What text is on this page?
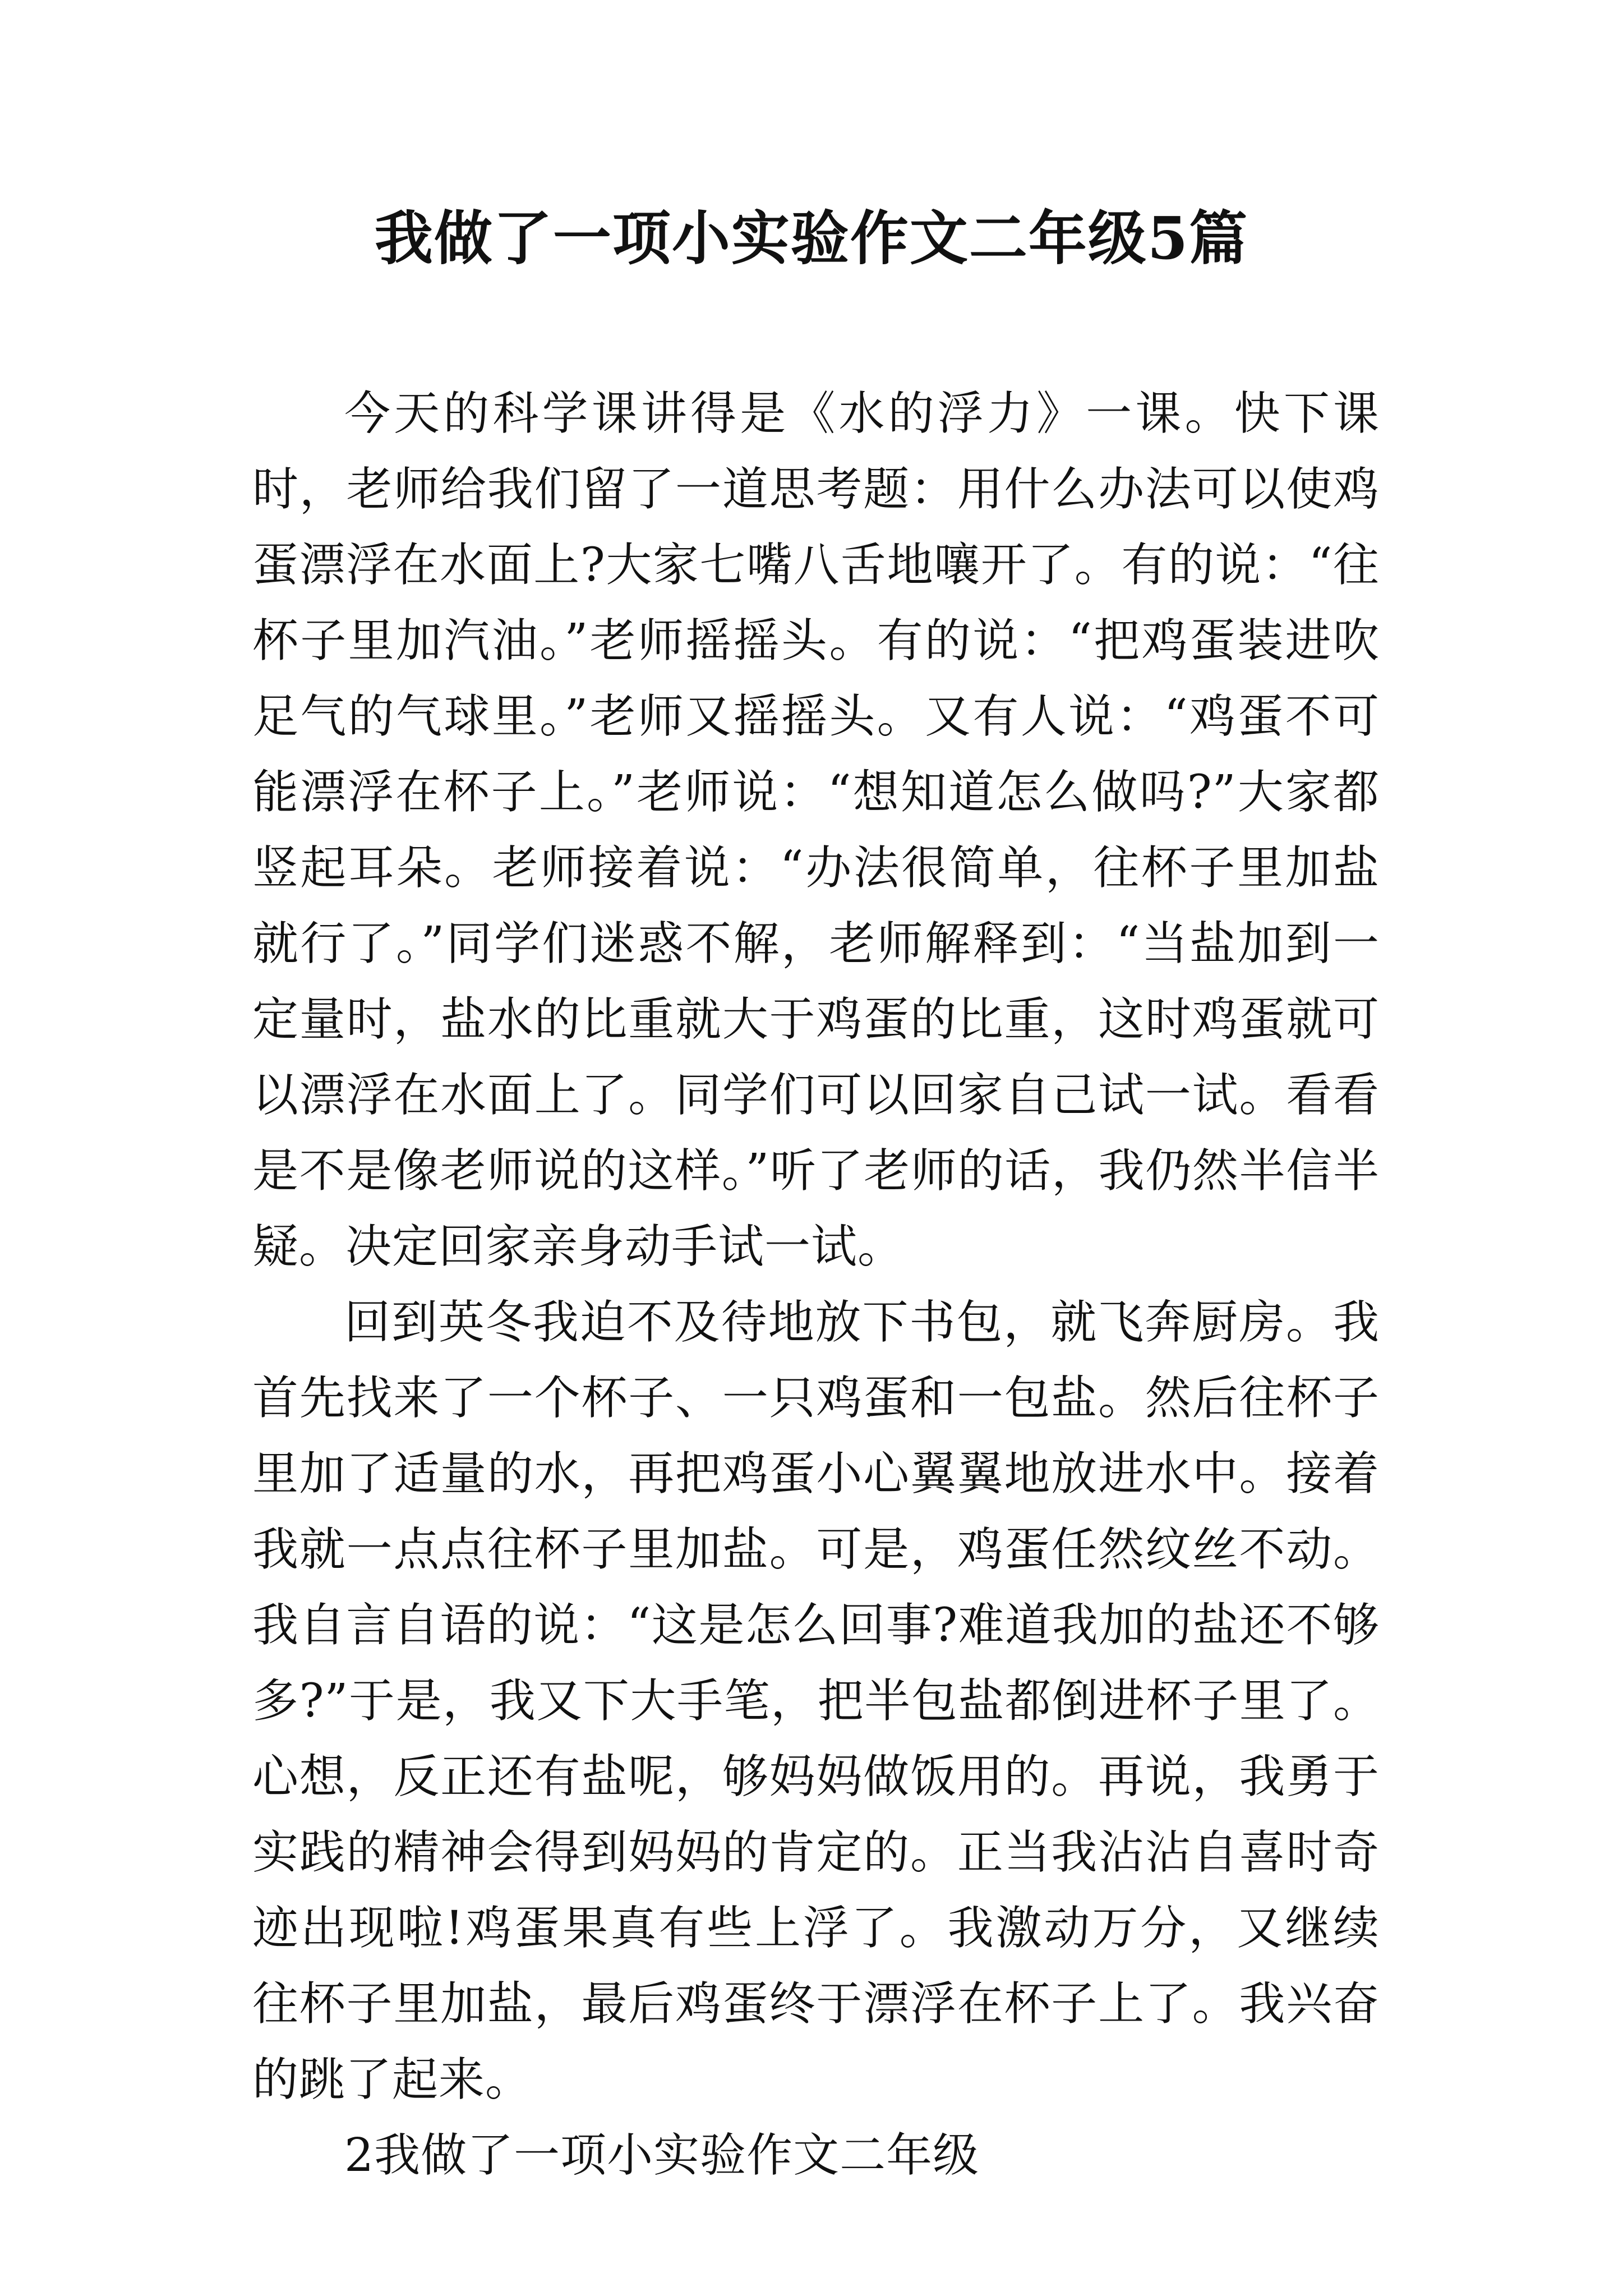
我做了一项小实验作文二年级5篇

今天的科学课讲得是《水的浮力》一课。快下课时，老师给我们留了一道思考题：用什么办法可以使鸡蛋漂浮在水面上?大家七嘴八舌地嚷开了。有的说：“往杯子里加汽油。”老师摇摇头。有的说：“把鸡蛋装进吹足气的气球里。”老师又摇摇头。又有人说：“鸡蛋不可能漂浮在杯子上。”老师说：“想知道怎么做吗?”大家都竖起耳朵。老师接着说：“办法很简单，往杯子里加盐就行了。”同学们迷惑不解，老师解释到：“当盐加到一定量时，盐水的比重就大于鸡蛋的比重，这时鸡蛋就可以漂浮在水面上了。同学们可以回家自己试一试。看看是不是像老师说的这样。”听了老师的话，我仍然半信半疑。决定回家亲身动手试一试。

回到英冬我迫不及待地放下书包，就飞奔厨房。我首先找来了一个杯子、一只鸡蛋和一包盐。然后往杯子里加了适量的水，再把鸡蛋小心翼翼地放进水中。接着我就一点点往杯子里加盐。可是，鸡蛋任然纹丝不动。我自言自语的说：“这是怎么回事?难道我加的盐还不够多?”于是，我又下大手笔，把半包盐都倒进杯子里了。心想，反正还有盐呢，够妈妈做饭用的。再说，我勇于实践的精神会得到妈妈的肯定的。正当我沾沾自喜时奇迹出现啦!鸡蛋果真有些上浮了。我激动万分，又继续往杯子里加盐，最后鸡蛋终于漂浮在杯子上了。我兴奋的跳了起来。

2我做了一项小实验作文二年级
